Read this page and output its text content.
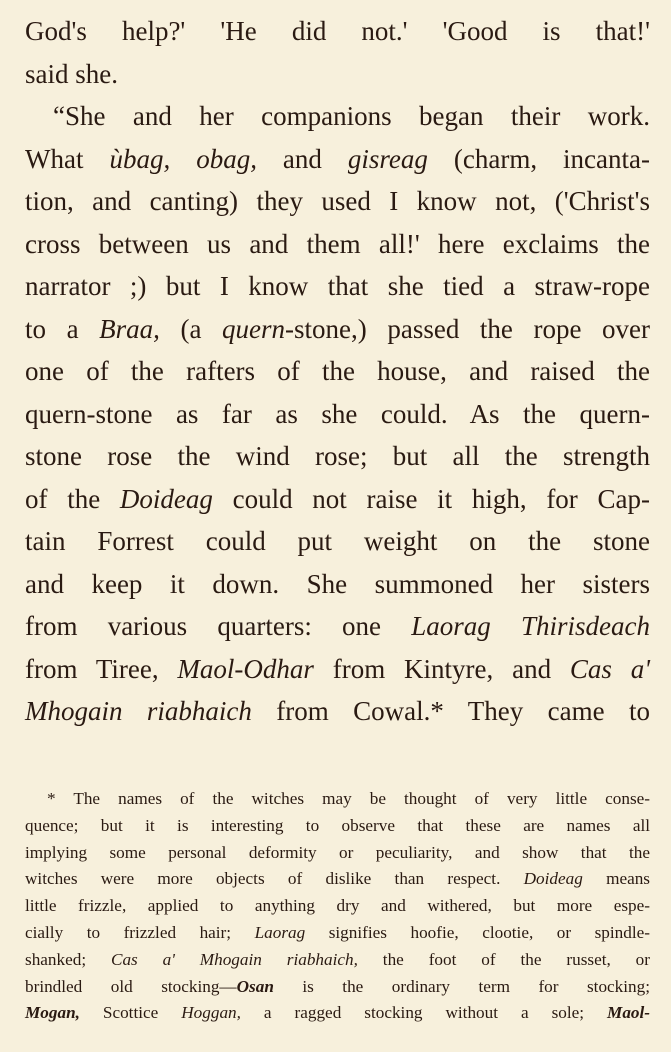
God's help?' 'He did not.' 'Good is that!'
said she.
“She and her companions began their work.
What ùbag, obag, and gisreag (charm, incanta-
tion, and canting) they used I know not, ('Christ's
cross between us and them all!' here exclaims the
narrator ;) but I know that she tied a straw-rope
to a Braa, (a quern-stone,) passed the rope over
one of the rafters of the house, and raised the
quern-stone as far as she could. As the quern-
stone rose the wind rose; but all the strength
of the Doideag could not raise it high, for Cap-
tain Forrest could put weight on the stone
and keep it down. She summoned her sisters
from various quarters: one Laorag Thirisdeach
from Tiree, Maol-Odhar from Kintyre, and Cas a'
Mhogain riabhaich from Cowal.* They came to
* The names of the witches may be thought of very little conse-
quence; but it is interesting to observe that these are names all
implying some personal deformity or peculiarity, and show that the
witches were more objects of dislike than respect. Doideag means
little frizzle, applied to anything dry and withered, but more espe-
cially to frizzled hair; Laorag signifies hoofie, clootie, or spindle-
shanked; Cas a' Mhogain riabhaich, the foot of the russet, or
brindled old stocking—Osan is the ordinary term for stocking;
Mogan, Scottice Hoggan, a ragged stocking without a sole; Maol-
